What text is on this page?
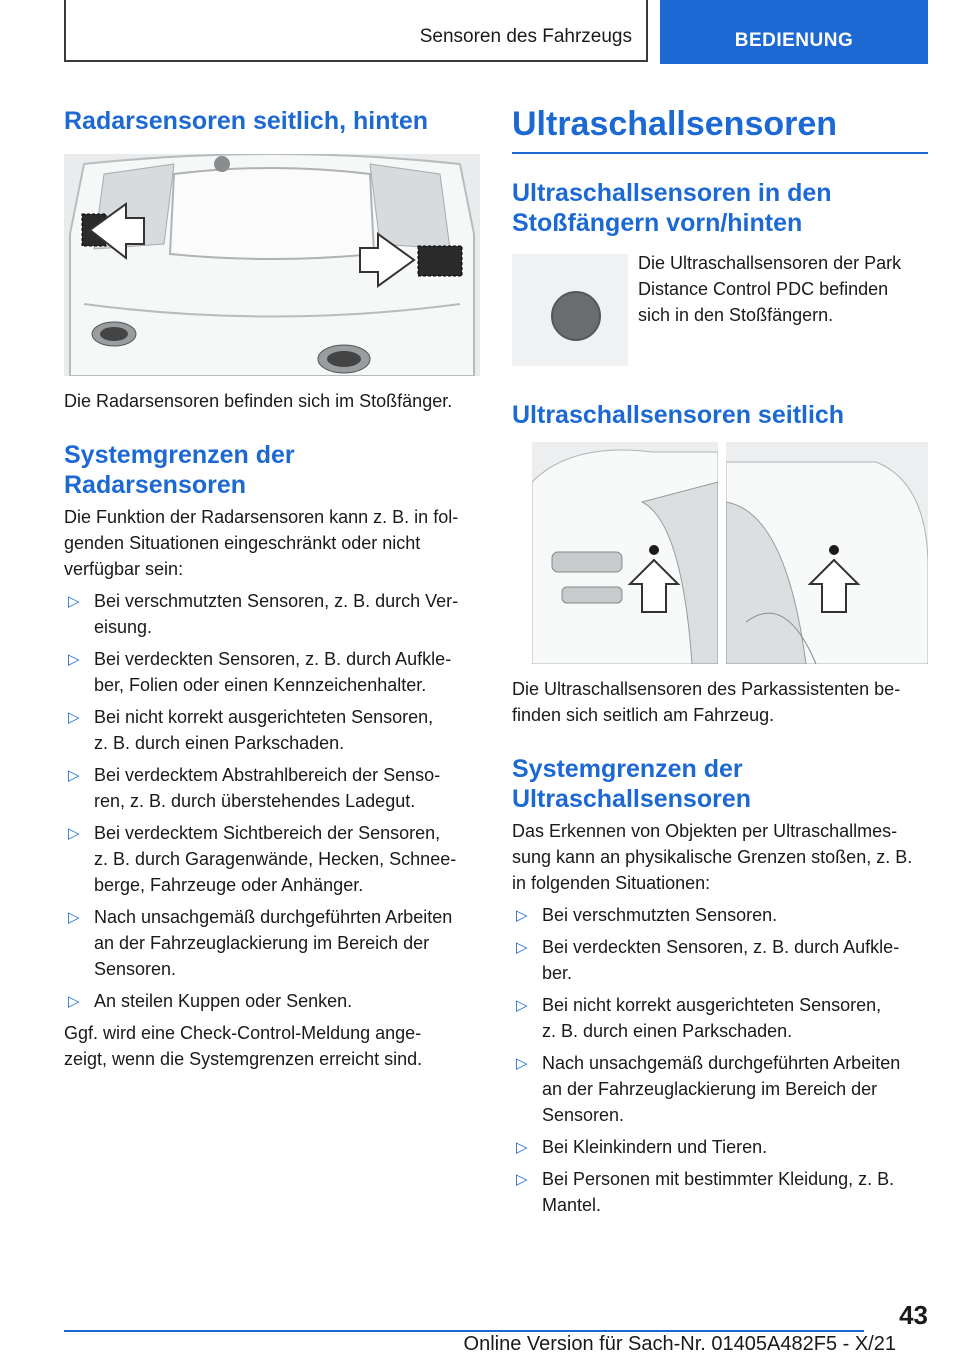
Sensoren des Fahrzeugs	BEDIENUNG
Radarsensoren seitlich, hinten

Die Radarsensoren befinden sich im Stoßfänger.

Systemgrenzen der
Radarsensoren

Die Funktion der Radarsensoren kann z. B. in fol-
genden Situationen eingeschränkt oder nicht
verfügbar sein:

▷ Bei verschmutzten Sensoren, z. B. durch Ver-
eisung.
▷ Bei verdeckten Sensoren, z. B. durch Aufkle-
ber, Folien oder einen Kennzeichenhalter.
▷ Bei nicht korrekt ausgerichteten Sensoren,
z. B. durch einen Parkschaden.
▷ Bei verdecktem Abstrahlbereich der Senso-
ren, z. B. durch überstehendes Ladegut.
▷ Bei verdecktem Sichtbereich der Sensoren,
z. B. durch Garagenwände, Hecken, Schnee-
berge, Fahrzeuge oder Anhänger.
▷ Nach unsachgemäß durchgeführten Arbeiten
an der Fahrzeuglackierung im Bereich der
Sensoren.
▷ An steilen Kuppen oder Senken.

Ggf. wird eine Check-Control-Meldung ange-
zeigt, wenn die Systemgrenzen erreicht sind.

Ultraschallsensoren
Ultraschallsensoren in den
Stoßfängern vorn/hinten

Die Ultraschallsensoren der Park
Distance Control PDC befinden
sich in den Stoßfängern.

Ultraschallsensoren seitlich

Die Ultraschallsensoren des Parkassistenten be-
finden sich seitlich am Fahrzeug.

Systemgrenzen der
Ultraschallsensoren

Das Erkennen von Objekten per Ultraschallmes-
sung kann an physikalische Grenzen stoßen, z. B.
in folgenden Situationen:

▷ Bei verschmutzten Sensoren.
▷ Bei verdeckten Sensoren, z. B. durch Aufkle-
ber.
▷ Bei nicht korrekt ausgerichteten Sensoren,
z. B. durch einen Parkschaden.
▷ Nach unsachgemäß durchgeführten Arbeiten
an der Fahrzeuglackierung im Bereich der
Sensoren.
▷ Bei Kleinkindern und Tieren.
▷ Bei Personen mit bestimmter Kleidung, z. B.
Mantel.
43
Online Version für Sach-Nr. 01405A482F5 - X/21
